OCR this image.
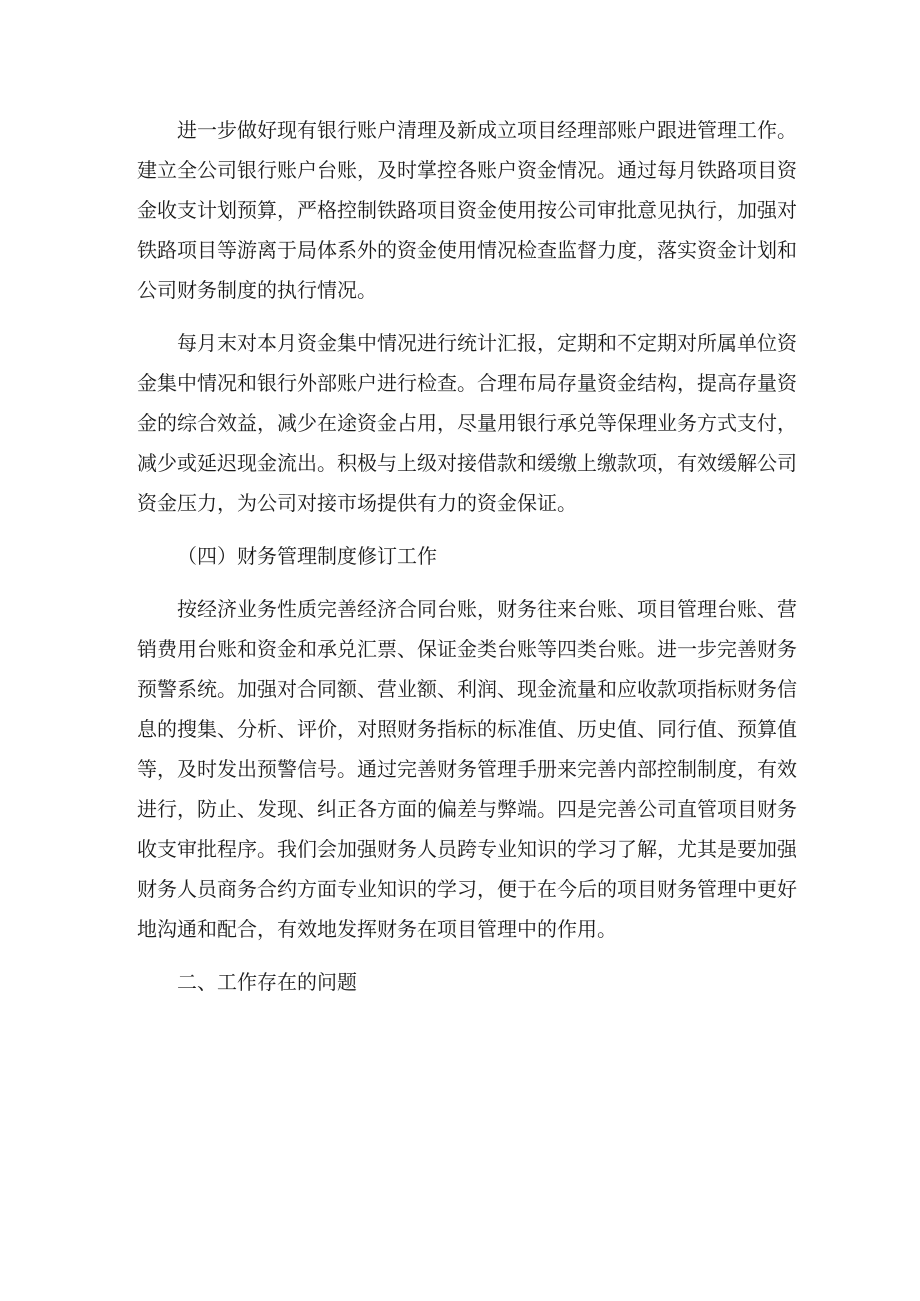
进一步做好现有银行账户清理及新成立项目经理部账户跟进管理工作。建立全公司银行账户台账，及时掌控各账户资金情况。通过每月铁路项目资金收支计划预算，严格控制铁路项目资金使用按公司审批意见执行，加强对铁路项目等游离于局体系外的资金使用情况检查监督力度，落实资金计划和公司财务制度的执行情况。

每月末对本月资金集中情况进行统计汇报，定期和不定期对所属单位资金集中情况和银行外部账户进行检查。合理布局存量资金结构，提高存量资金的综合效益，减少在途资金占用，尽量用银行承兑等保理业务方式支付，减少或延迟现金流出。积极与上级对接借款和缓缴上缴款项，有效缓解公司资金压力，为公司对接市场提供有力的资金保证。

（四）财务管理制度修订工作

按经济业务性质完善经济合同台账，财务往来台账、项目管理台账、营销费用台账和资金和承兑汇票、保证金类台账等四类台账。进一步完善财务预警系统。加强对合同额、营业额、利润、现金流量和应收款项指标财务信息的搜集、分析、评价，对照财务指标的标准值、历史值、同行值、预算值等，及时发出预警信号。通过完善财务管理手册来完善内部控制制度，有效进行，防止、发现、纠正各方面的偏差与弊端。四是完善公司直管项目财务收支审批程序。我们会加强财务人员跨专业知识的学习了解，尤其是要加强财务人员商务合约方面专业知识的学习，便于在今后的项目财务管理中更好地沟通和配合，有效地发挥财务在项目管理中的作用。

二、工作存在的问题
